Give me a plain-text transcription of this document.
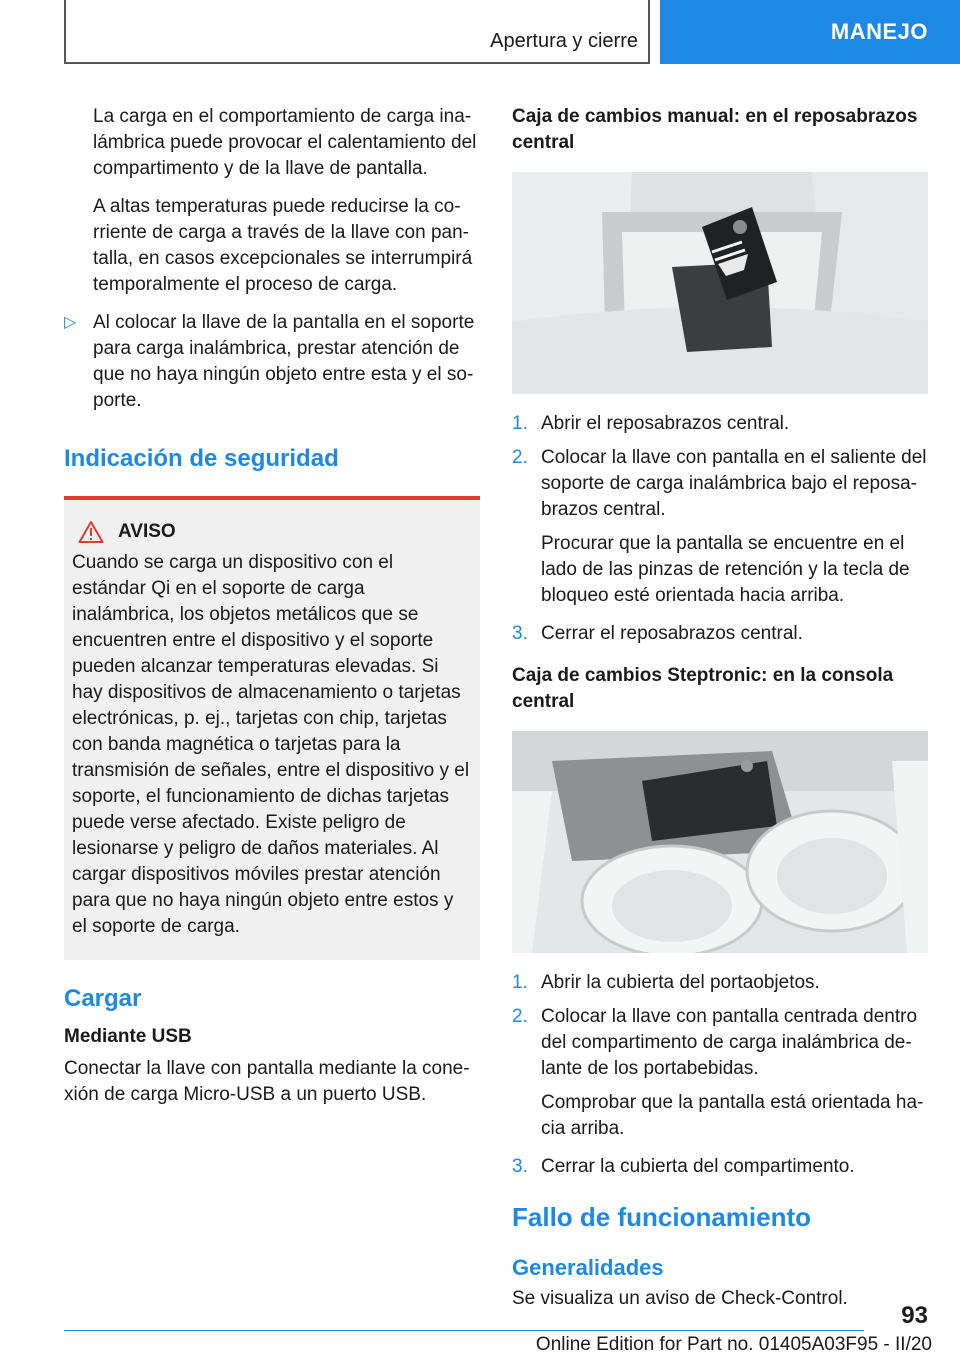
Apertura y cierre	MANEJO

La carga en el comportamiento de carga inalámbrica puede provocar el calentamiento del compartimento y de la llave de pantalla.

A altas temperaturas puede reducirse la corriente de carga a través de la llave con pantalla, en casos excepcionales se interrumpirá temporalmente el proceso de carga.

▷ Al colocar la llave de la pantalla en el soporte para carga inalámbrica, prestar atención de que no haya ningún objeto entre esta y el soporte.

Indicación de seguridad
AVISO

Cuando se carga un dispositivo con el estándar Qi en el soporte de carga inalámbrica, los objetos metálicos que se encuentren entre el dispositivo y el soporte pueden alcanzar temperaturas elevadas. Si hay dispositivos de almacenamiento o tarjetas electrónicas, p. ej., tarjetas con chip, tarjetas con banda magnética o tarjetas para la transmisión de señales, entre el dispositivo y el soporte, el funcionamiento de dichas tarjetas puede verse afectado. Existe peligro de lesionarse y peligro de daños materiales. Al cargar dispositivos móviles prestar atención para que no haya ningún objeto entre estos y el soporte de carga.

Cargar
Mediante USB

Conectar la llave con pantalla mediante la conexión de carga Micro-USB a un puerto USB.

Caja de cambios manual: en el reposabrazos central
1. Abrir el reposabrazos central.

2. Colocar la llave con pantalla en el saliente del soporte de carga inalámbrica bajo el reposabrazos central.

Procurar que la pantalla se encuentre en el lado de las pinzas de retención y la tecla de bloqueo esté orientada hacia arriba.

3. Cerrar el reposabrazos central.

Caja de cambios Steptronic: en la consola central
1. Abrir la cubierta del portaobjetos.

2. Colocar la llave con pantalla centrada dentro del compartimento de carga inalámbrica delante de los portabebidas.

Comprobar que la pantalla está orientada hacia arriba.

3. Cerrar la cubierta del compartimento.

Fallo de funcionamiento
Generalidades

Se visualiza un aviso de Check-Control.

93
Online Edition for Part no. 01405A03F95 - II/20
